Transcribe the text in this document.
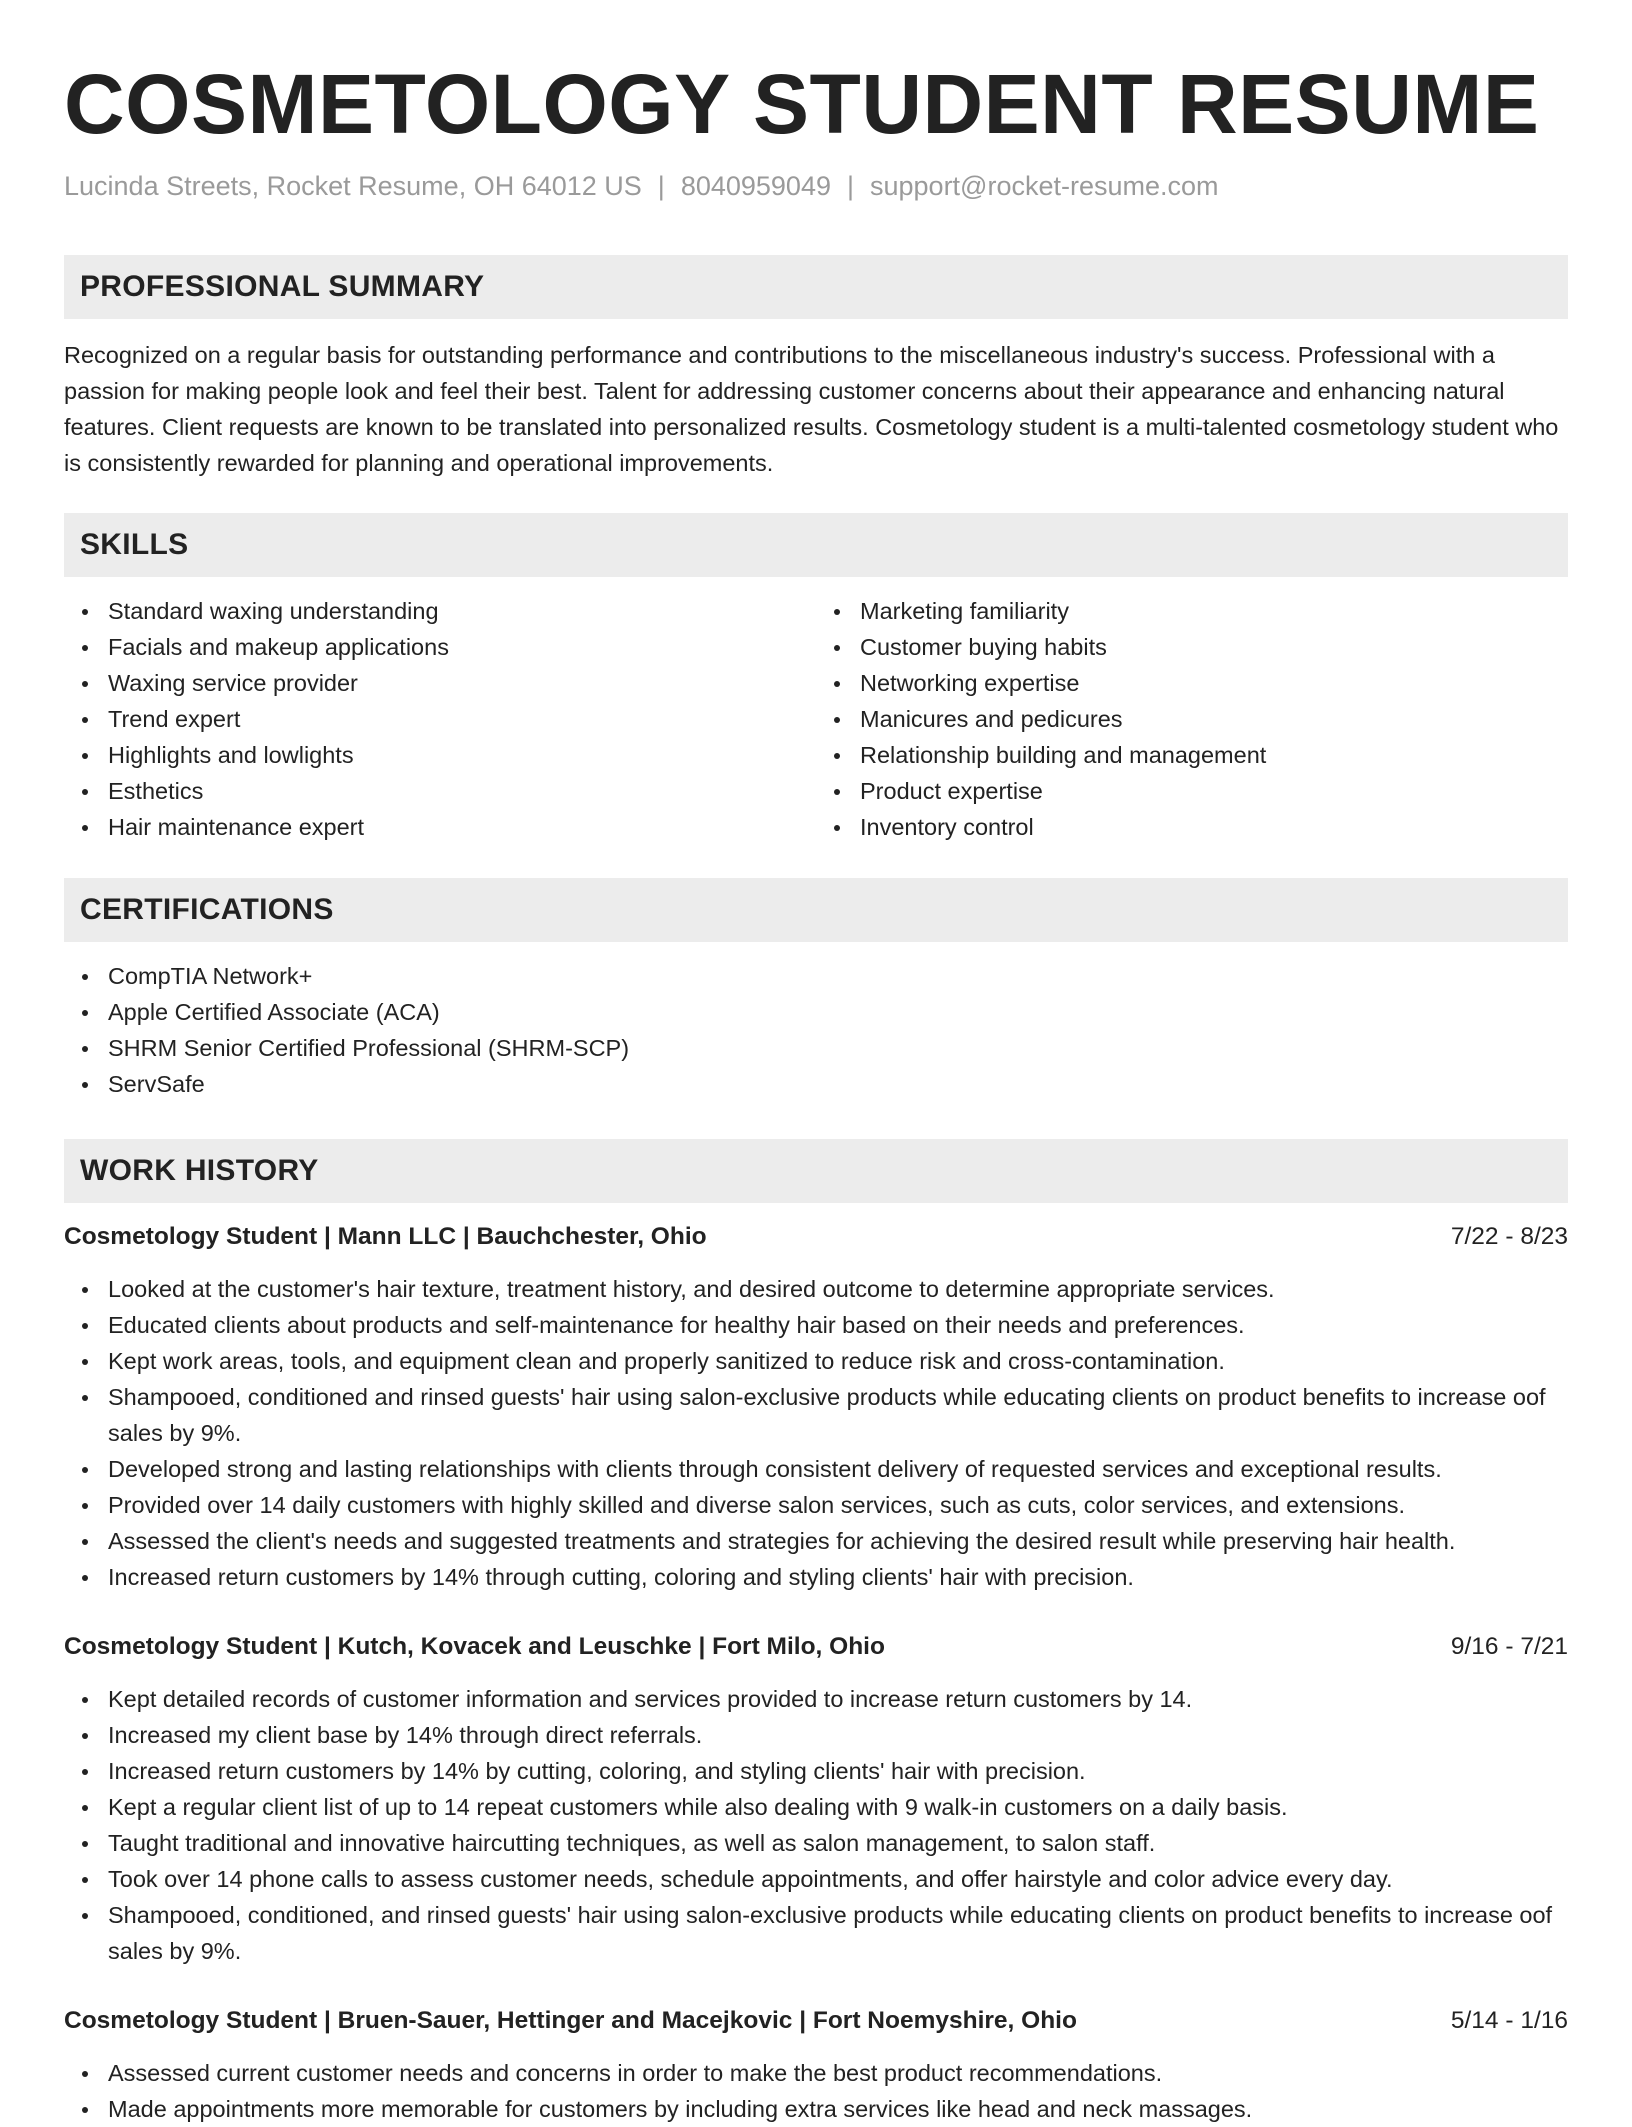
COSMETOLOGY STUDENT RESUME
Lucinda Streets, Rocket Resume, OH 64012 US | 8040959049 | support@rocket-resume.com
PROFESSIONAL SUMMARY

Recognized on a regular basis for outstanding performance and contributions to the miscellaneous industry's success. Professional with a passion for making people look and feel their best. Talent for addressing customer concerns about their appearance and enhancing natural features. Client requests are known to be translated into personalized results. Cosmetology student is a multi-talented cosmetology student who is consistently rewarded for planning and operational improvements.

SKILLS
Standard waxing understanding
Facials and makeup applications
Waxing service provider
Trend expert
Highlights and lowlights
Esthetics
Hair maintenance expert
Marketing familiarity
Customer buying habits
Networking expertise
Manicures and pedicures
Relationship building and management
Product expertise
Inventory control
CERTIFICATIONS
CompTIA Network+
Apple Certified Associate (ACA)
SHRM Senior Certified Professional (SHRM-SCP)
ServSafe
WORK HISTORY
Cosmetology Student | Mann LLC | Bauchchester, Ohio	7/22 - 8/23
Looked at the customer's hair texture, treatment history, and desired outcome to determine appropriate services.
Educated clients about products and self-maintenance for healthy hair based on their needs and preferences.
Kept work areas, tools, and equipment clean and properly sanitized to reduce risk and cross-contamination.
Shampooed, conditioned and rinsed guests' hair using salon-exclusive products while educating clients on product benefits to increase oof sales by 9%.
Developed strong and lasting relationships with clients through consistent delivery of requested services and exceptional results.
Provided over 14 daily customers with highly skilled and diverse salon services, such as cuts, color services, and extensions.
Assessed the client's needs and suggested treatments and strategies for achieving the desired result while preserving hair health.
Increased return customers by 14% through cutting, coloring and styling clients' hair with precision.
Cosmetology Student | Kutch, Kovacek and Leuschke | Fort Milo, Ohio	9/16 - 7/21
Kept detailed records of customer information and services provided to increase return customers by 14.
Increased my client base by 14% through direct referrals.
Increased return customers by 14% by cutting, coloring, and styling clients' hair with precision.
Kept a regular client list of up to 14 repeat customers while also dealing with 9 walk-in customers on a daily basis.
Taught traditional and innovative haircutting techniques, as well as salon management, to salon staff.
Took over 14 phone calls to assess customer needs, schedule appointments, and offer hairstyle and color advice every day.
Shampooed, conditioned, and rinsed guests' hair using salon-exclusive products while educating clients on product benefits to increase oof sales by 9%.
Cosmetology Student | Bruen-Sauer, Hettinger and Macejkovic | Fort Noemyshire, Ohio	5/14 - 1/16
Assessed current customer needs and concerns in order to make the best product recommendations.
Made appointments more memorable for customers by including extra services like head and neck massages.
